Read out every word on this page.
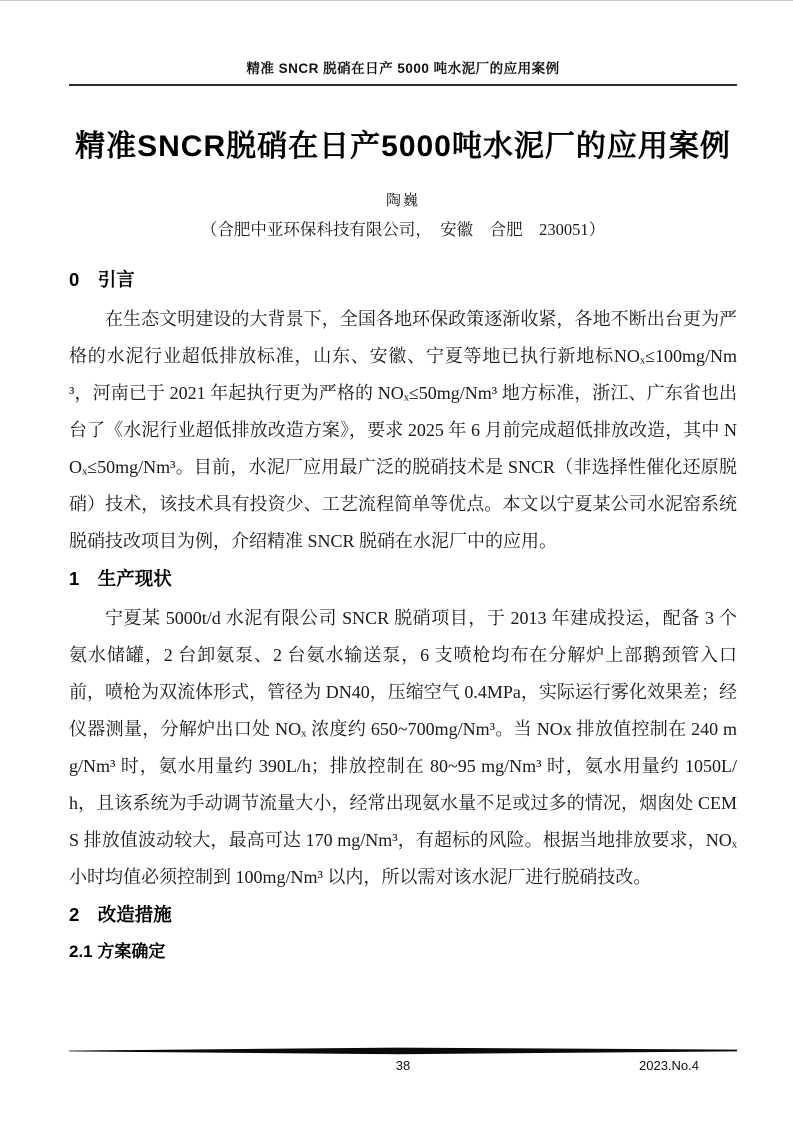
精准 SNCR 脱硝在日产 5000 吨水泥厂的应用案例
精准SNCR脱硝在日产5000吨水泥厂的应用案例
陶巍
（合肥中亚环保科技有限公司，　安徽　合肥　230051）
0　引言

在生态文明建设的大背景下，全国各地环保政策逐渐收紧，各地不断出台更为严格的水泥行业超低排放标准，山东、安徽、宁夏等地已执行新地标NOₓ≤100mg/Nm³，河南已于 2021 年起执行更为严格的 NOₓ≤50mg/Nm³ 地方标准，浙江、广东省也出台了《水泥行业超低排放改造方案》，要求 2025 年 6 月前完成超低排放改造，其中 NOₓ≤50mg/Nm³。目前，水泥厂应用最广泛的脱硝技术是 SNCR（非选择性催化还原脱硝）技术，该技术具有投资少、工艺流程简单等优点。本文以宁夏某公司水泥窑系统脱硝技改项目为例，介绍精准 SNCR 脱硝在水泥厂中的应用。

1　生产现状

宁夏某 5000t/d 水泥有限公司 SNCR 脱硝项目，于 2013 年建成投运，配备 3 个氨水储罐，2 台卸氨泵、2 台氨水输送泵，6 支喷枪均布在分解炉上部鹅颈管入口前，喷枪为双流体形式，管径为 DN40，压缩空气 0.4MPa，实际运行雾化效果差；经仪器测量，分解炉出口处 NOₓ 浓度约 650~700mg/Nm³。当 NOx 排放值控制在 240 mg/Nm³ 时，氨水用量约 390L/h；排放控制在 80~95 mg/Nm³ 时，氨水用量约 1050L/h，且该系统为手动调节流量大小，经常出现氨水量不足或过多的情况，烟囱处 CEMS 排放值波动较大，最高可达 170 mg/Nm³，有超标的风险。根据当地排放要求，NOₓ 小时均值必须控制到 100mg/Nm³ 以内，所以需对该水泥厂进行脱硝技改。

2　改造措施
2.1 方案确定
38	2023.No.4
